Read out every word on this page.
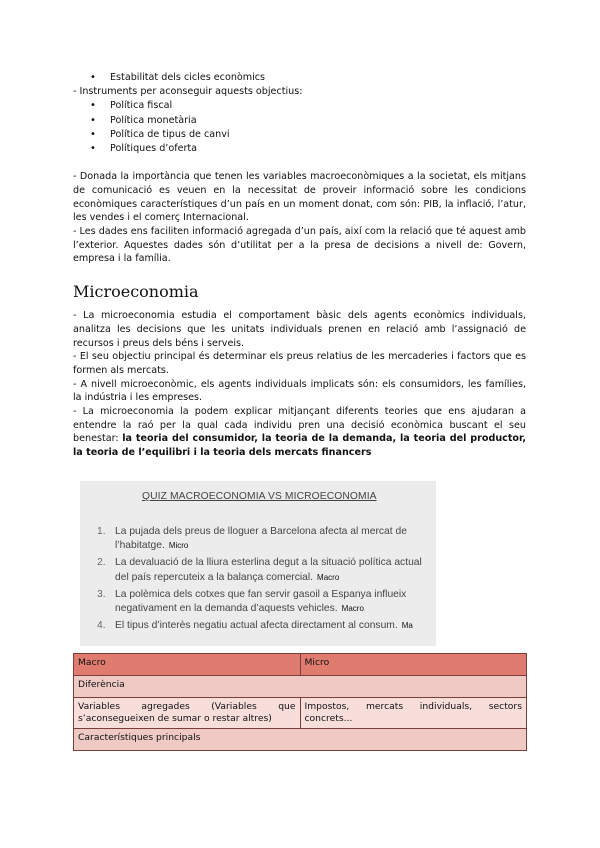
• Estabilitat dels cicles econòmics
- Instruments per aconseguir aquests objectius:
• Política fiscal
• Política monetària
• Política de tipus de canvi
• Polítiques d’oferta
- Donada la importància que tenen les variables macroeconòmiques a la societat, els mitjans de comunicació es veuen en la necessitat de proveir informació sobre les condicions econòmiques característiques d’un país en un moment donat, com són: PIB, la inflació, l’atur, les vendes i el comerç Internacional.
- Les dades ens faciliten informació agregada d’un país, així com la relació que té aquest amb l’exterior. Aquestes dades són d’utilitat per a la presa de decisions a nivell de: Govern, empresa i la família.
Microeconomia
- La microeconomia estudia el comportament bàsic dels agents econòmics individuals, analitza les decisions que les unitats individuals prenen en relació amb l’assignació de recursos i preus dels béns i serveis.
- El seu objectiu principal és determinar els preus relatius de les mercaderies i factors que es formen als mercats.
- A nivell microeconòmic, els agents individuals implicats són: els consumidors, les famílies, la indústria i les empreses.
- La microeconomia la podem explicar mitjançant diferents teories que ens ajudaran a entendre la raó per la qual cada individu pren una decisió econòmica buscant el seu benestar: la teoria del consumidor, la teoria de la demanda, la teoria del productor, la teoria de l’equilibri i la teoria dels mercats financers
QUIZ MACROECONOMIA VS MICROECONOMIA
1. La pujada dels preus de lloguer a Barcelona afecta al mercat de l’habitatge. Micro
2. La devaluació de la lliura esterlina degut a la situació política actual del país repercuteix a la balança comercial. Macro
3. La polèmica dels cotxes que fan servir gasoil a Espanya influeix negativament en la demanda d’aquests vehicles. Macro
4. El tipus d’interès negatiu actual afecta directament al consum. Ma
Macro	Micro
Diferència	
Variables agregades (Variables que s’aconsegueixen de sumar o restar altres)	Impostos, mercats individuals, sectors concrets...
Característiques principals	
